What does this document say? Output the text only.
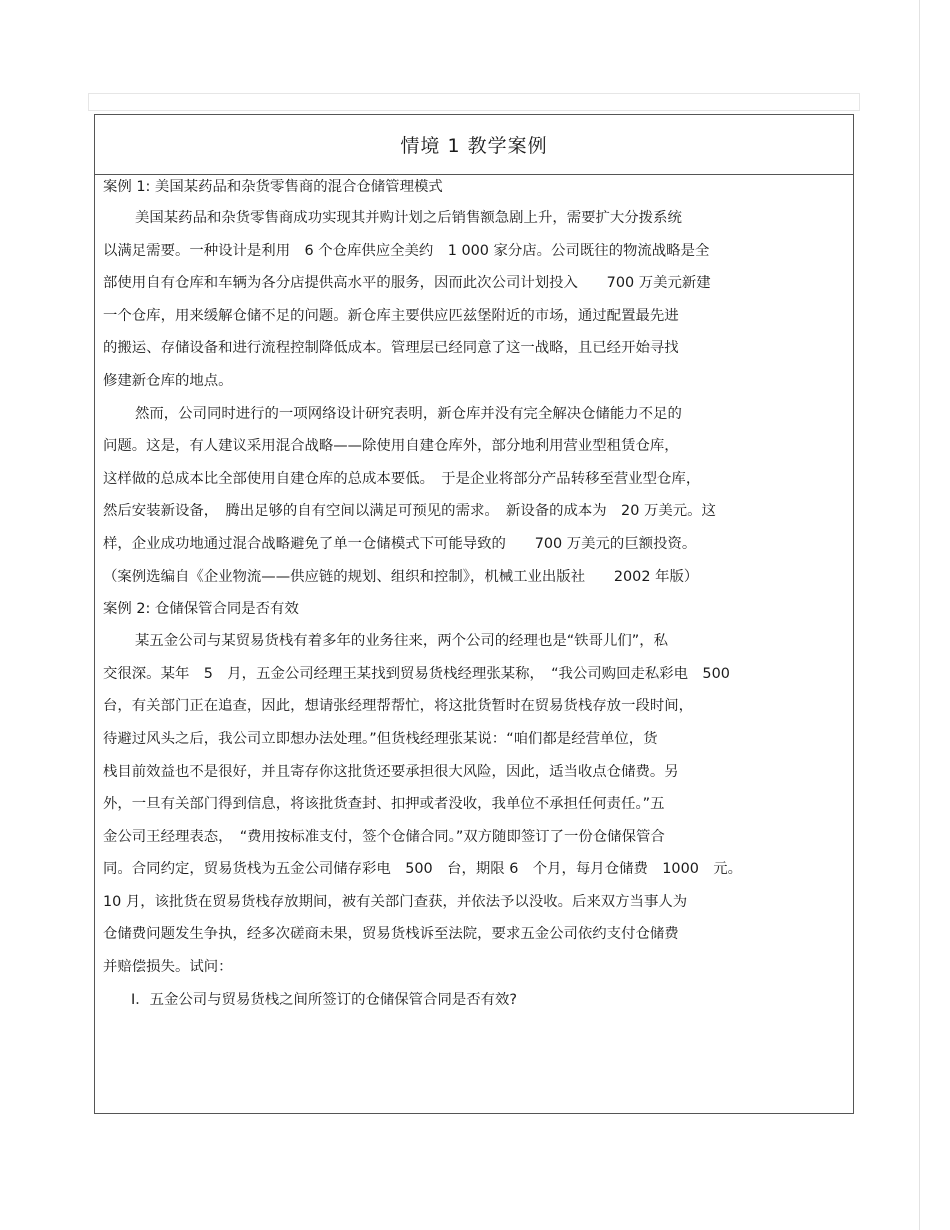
情境 1 教学案例
案例 1: 美国某药品和杂货零售商的混合仓储管理模式
美国某药品和杂货零售商成功实现其并购计划之后销售额急剧上升，需要扩大分拨系统
以满足需要。一种设计是利用　6 个仓库供应全美约　1 000 家分店。公司既往的物流战略是全
部使用自有仓库和车辆为各分店提供高水平的服务，因而此次公司计划投入　　700 万美元新建
一个仓库，用来缓解仓储不足的问题。新仓库主要供应匹兹堡附近的市场，通过配置最先进
的搬运、存储设备和进行流程控制降低成本。管理层已经同意了这一战略，且已经开始寻找
修建新仓库的地点。
然而，公司同时进行的一项网络设计研究表明，新仓库并没有完全解决仓储能力不足的
问题。这是，有人建议采用混合战略——除使用自建仓库外，部分地利用营业型租赁仓库，
这样做的总成本比全部使用自建仓库的总成本要低。　于是企业将部分产品转移至营业型仓库，
然后安装新设备，　腾出足够的自有空间以满足可预见的需求。　新设备的成本为　20 万美元。这
样，企业成功地通过混合战略避免了单一仓储模式下可能导致的　　700 万美元的巨额投资。
（案例选编自《企业物流——供应链的规划、组织和控制》，机械工业出版社　　2002 年版）
案例 2: 仓储保管合同是否有效
某五金公司与某贸易货栈有着多年的业务往来，两个公司的经理也是“铁哥儿们”，私
交很深。某年　5　月，五金公司经理王某找到贸易货栈经理张某称，　“我公司购回走私彩电　500
台，有关部门正在追查，因此，想请张经理帮帮忙，将这批货暂时在贸易货栈存放一段时间，
待避过风头之后，我公司立即想办法处理。”但货栈经理张某说：“咱们都是经营单位，货
栈目前效益也不是很好，并且寄存你这批货还要承担很大风险，因此，适当收点仓储费。另
外，一旦有关部门得到信息，将该批货查封、扣押或者没收，我单位不承担任何责任。”五
金公司王经理表态，　“费用按标准支付，签个仓储合同。”双方随即签订了一份仓储保管合
同。合同约定，贸易货栈为五金公司储存彩电　500　台，期限 6　个月，每月仓储费　1000　元。
10 月，该批货在贸易货栈存放期间，被有关部门查获，并依法予以没收。后来双方当事人为
仓储费问题发生争执，经多次磋商未果，贸易货栈诉至法院，要求五金公司依约支付仓储费
并赔偿损失。试问：
Ⅰ．五金公司与贸易货栈之间所签订的仓储保管合同是否有效?
